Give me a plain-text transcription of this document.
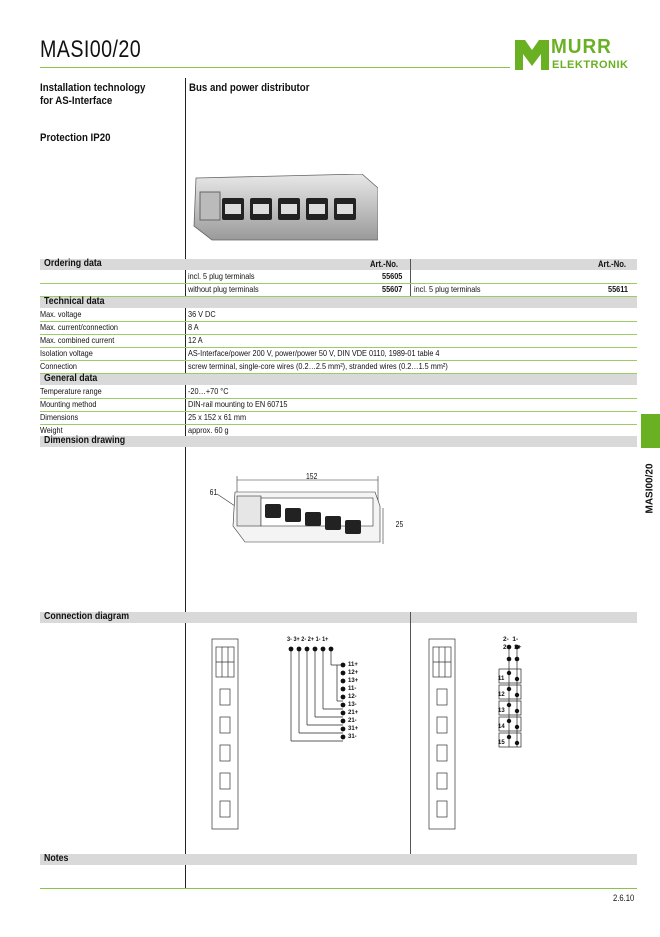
MASI00/20	MURR
ELEKTRONIK
Installation technology for AS-Interface
Protection IP20
Bus and power distributor
Ordering data	Art.-No.	Art.-No.
incl. 5 plug terminals	55605
without plug terminals	55607 incl. 5 plug terminals	55611
Technical data
Max. voltage	36 V DC
Max. current/connection	8 A
Max. combined current	12 A
Isolation voltage	AS-Interface/power 200 V, power/power 50 V, DIN VDE 0110, 1989-01 table 4
Connection	screw terminal, single-core wires (0.2…2.5 mm²), stranded wires (0.2…1.5 mm²)
General data
Temperature range	-20…+70 °C
Mounting method	DIN-rail mounting to EN 60715
Dimensions	25 x 152 x 61 mm
Weight	approx. 60 g
Dimension drawing
152
61
25
Connection diagram
3- 3+ 2- 2+ 1- 1+
11+
12+
13+
11-
12-
13-
21+
21-
31+
31-
2- 1-
2+ 1+
11
12
13
14
15
Notes
MASI00/20
2.6.10
